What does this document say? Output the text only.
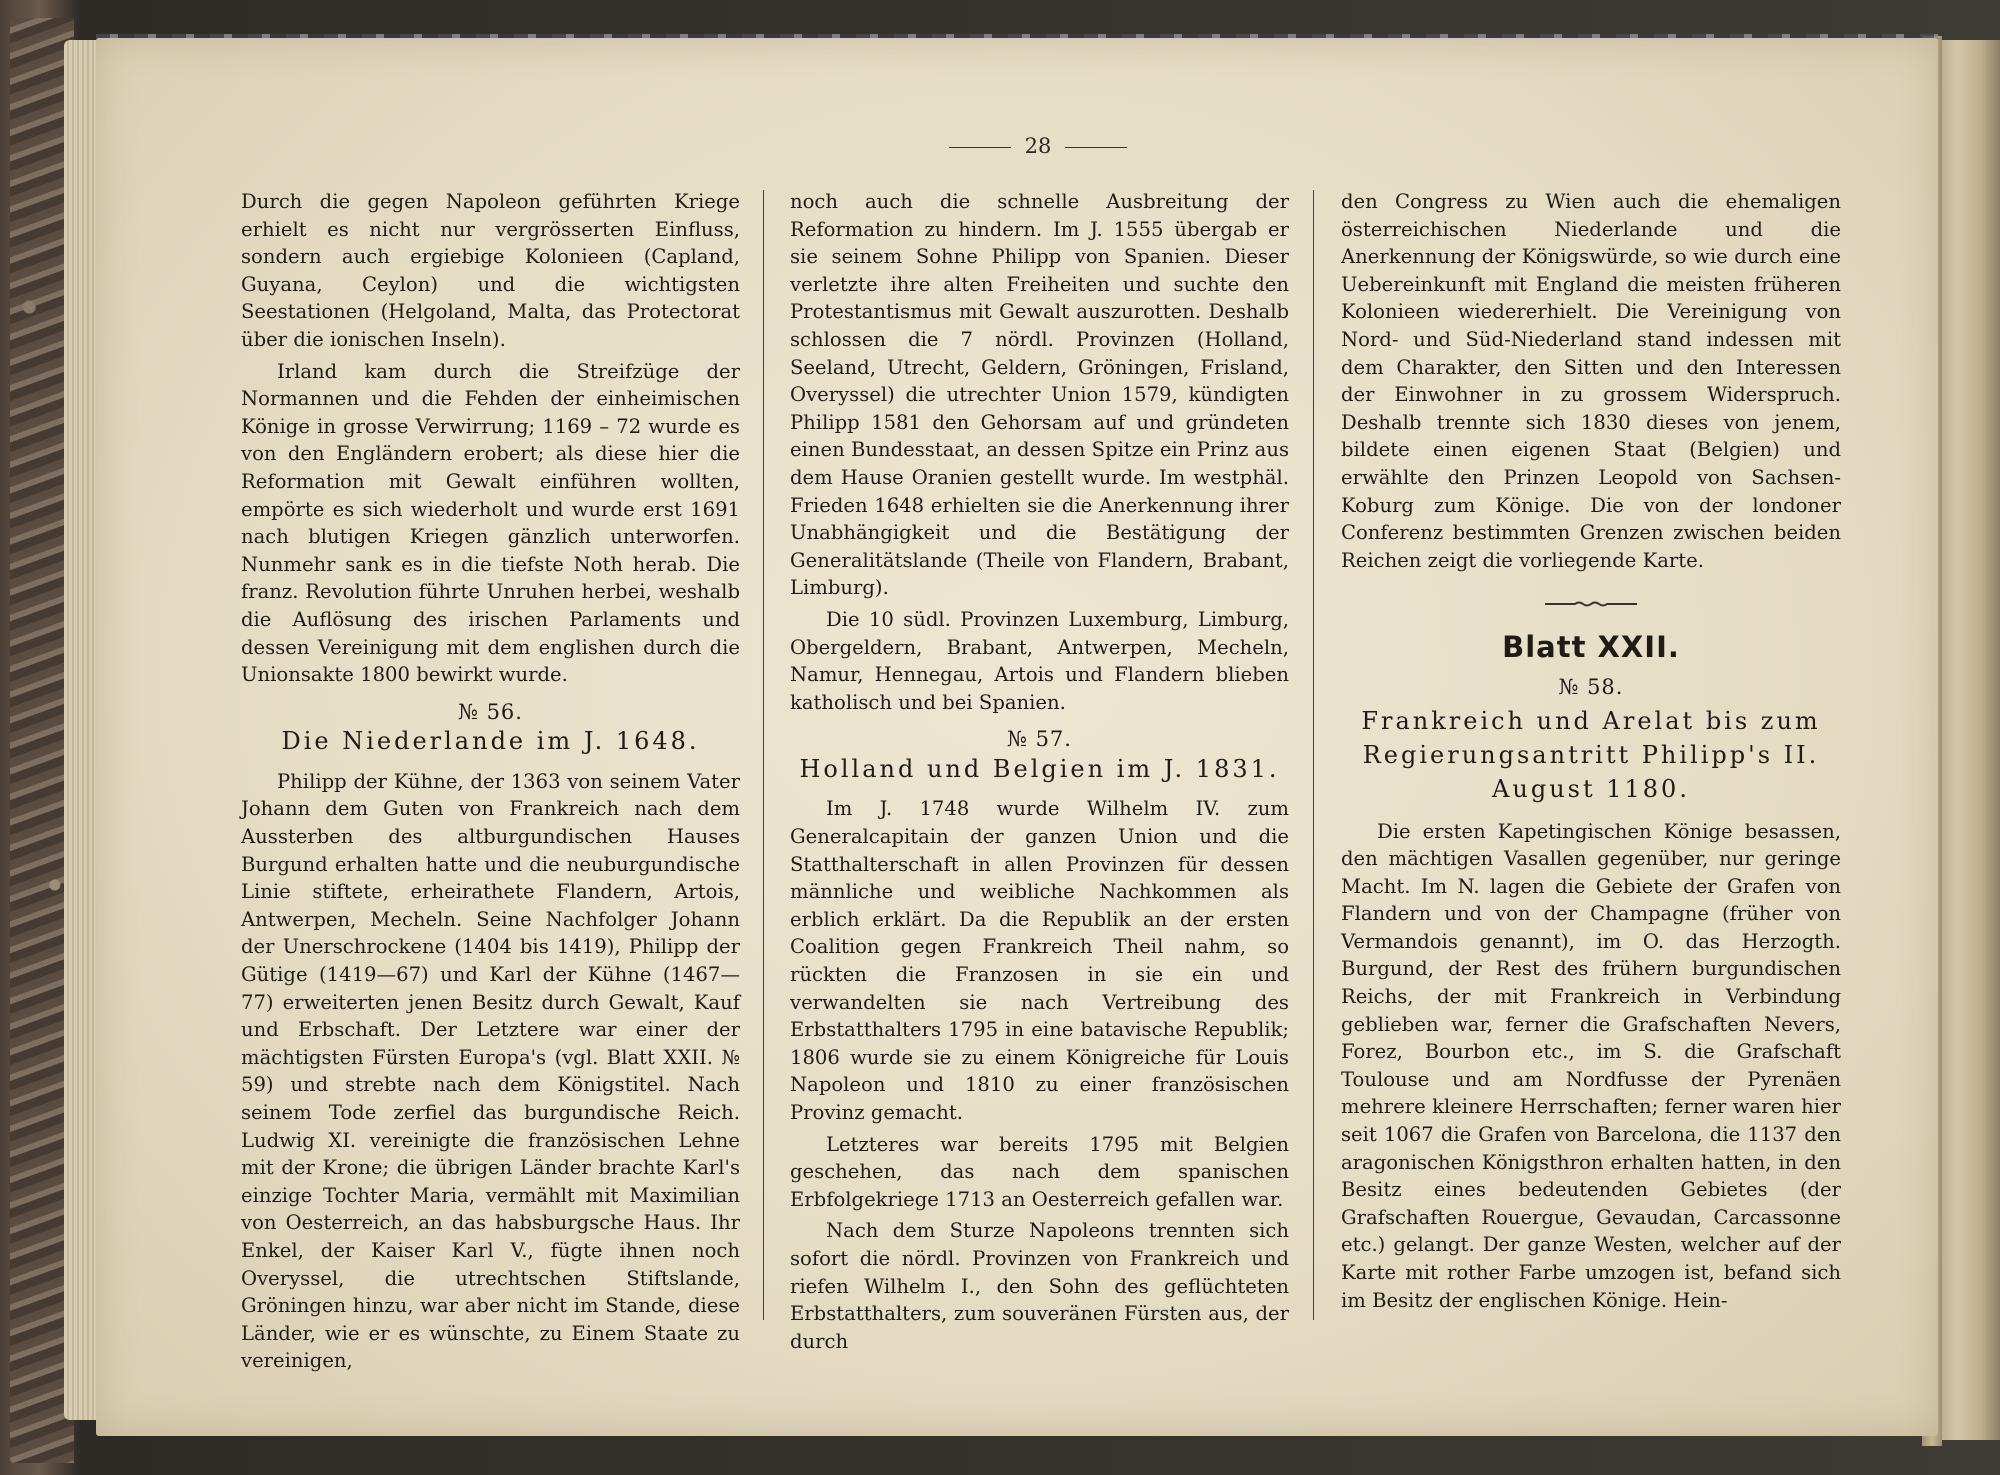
28

Durch die gegen Napoleon geführten Kriege erhielt es nicht nur vergrösserten Einfluss, sondern auch ergiebige Kolonieen (Capland, Guyana, Ceylon) und die wichtigsten Seestationen (Helgoland, Malta, das Protectorat über die ionischen Inseln).

Irland kam durch die Streifzüge der Normannen und die Fehden der einheimischen Könige in grosse Verwirrung; 1169 – 72 wurde es von den Engländern erobert; als diese hier die Reformation mit Gewalt einführen wollten, empörte es sich wiederholt und wurde erst 1691 nach blutigen Kriegen gänzlich unterworfen. Nunmehr sank es in die tiefste Noth herab. Die franz. Revolution führte Unruhen herbei, weshalb die Auflösung des irischen Parlaments und dessen Vereinigung mit dem englishen durch die Unionsakte 1800 bewirkt wurde.

№ 56.
Die Niederlande im J. 1648.

Philipp der Kühne, der 1363 von seinem Vater Johann dem Guten von Frankreich nach dem Aussterben des altburgundischen Hauses Burgund erhalten hatte und die neuburgundische Linie stiftete, erheirathete Flandern, Artois, Antwerpen, Mecheln. Seine Nachfolger Johann der Unerschrockene (1404 bis 1419), Philipp der Gütige (1419—67) und Karl der Kühne (1467—77) erweiterten jenen Besitz durch Gewalt, Kauf und Erbschaft. Der Letztere war einer der mächtigsten Fürsten Europa's (vgl. Blatt XXII. № 59) und strebte nach dem Königstitel. Nach seinem Tode zerfiel das burgundische Reich. Ludwig XI. vereinigte die französischen Lehne mit der Krone; die übrigen Länder brachte Karl's einzige Tochter Maria, vermählt mit Maximilian von Oesterreich, an das habsburgsche Haus. Ihr Enkel, der Kaiser Karl V., fügte ihnen noch Overyssel, die utrechtschen Stiftslande, Gröningen hinzu, war aber nicht im Stande, diese Länder, wie er es wünschte, zu Einem Staate zu vereinigen,

noch auch die schnelle Ausbreitung der Reformation zu hindern. Im J. 1555 übergab er sie seinem Sohne Philipp von Spanien. Dieser verletzte ihre alten Freiheiten und suchte den Protestantismus mit Gewalt auszurotten. Deshalb schlossen die 7 nördl. Provinzen (Holland, Seeland, Utrecht, Geldern, Gröningen, Frisland, Overyssel) die utrechter Union 1579, kündigten Philipp 1581 den Gehorsam auf und gründeten einen Bundesstaat, an dessen Spitze ein Prinz aus dem Hause Oranien gestellt wurde. Im westphäl. Frieden 1648 erhielten sie die Anerkennung ihrer Unabhängigkeit und die Bestätigung der Generalitätslande (Theile von Flandern, Brabant, Limburg).

Die 10 südl. Provinzen Luxemburg, Limburg, Obergeldern, Brabant, Antwerpen, Mecheln, Namur, Hennegau, Artois und Flandern blieben katholisch und bei Spanien.

№ 57.
Holland und Belgien im J. 1831.

Im J. 1748 wurde Wilhelm IV. zum Generalcapitain der ganzen Union und die Statthalterschaft in allen Provinzen für dessen männliche und weibliche Nachkommen als erblich erklärt. Da die Republik an der ersten Coalition gegen Frankreich Theil nahm, so rückten die Franzosen in sie ein und verwandelten sie nach Vertreibung des Erbstatthalters 1795 in eine batavische Republik; 1806 wurde sie zu einem Königreiche für Louis Napoleon und 1810 zu einer französischen Provinz gemacht.

Letzteres war bereits 1795 mit Belgien geschehen, das nach dem spanischen Erbfolgekriege 1713 an Oesterreich gefallen war.

Nach dem Sturze Napoleons trennten sich sofort die nördl. Provinzen von Frankreich und riefen Wilhelm I., den Sohn des geflüchteten Erbstatthalters, zum souveränen Fürsten aus, der durch

den Congress zu Wien auch die ehemaligen österreichischen Niederlande und die Anerkennung der Königswürde, so wie durch eine Uebereinkunft mit England die meisten früheren Kolonieen wiedererhielt. Die Vereinigung von Nord- und Süd-Niederland stand indessen mit dem Charakter, den Sitten und den Interessen der Einwohner in zu grossem Widerspruch. Deshalb trennte sich 1830 dieses von jenem, bildete einen eigenen Staat (Belgien) und erwählte den Prinzen Leopold von Sachsen-Koburg zum Könige. Die von der londoner Conferenz bestimmten Grenzen zwischen beiden Reichen zeigt die vorliegende Karte.

Blatt XXII.
№ 58.
Frankreich und Arelat bis zum Regierungsantritt Philipp's II. August 1180.

Die ersten Kapetingischen Könige besassen, den mächtigen Vasallen gegenüber, nur geringe Macht. Im N. lagen die Gebiete der Grafen von Flandern und von der Champagne (früher von Vermandois genannt), im O. das Herzogth. Burgund, der Rest des frühern burgundischen Reichs, der mit Frankreich in Verbindung geblieben war, ferner die Grafschaften Nevers, Forez, Bourbon etc., im S. die Grafschaft Toulouse und am Nordfusse der Pyrenäen mehrere kleinere Herrschaften; ferner waren hier seit 1067 die Grafen von Barcelona, die 1137 den aragonischen Königsthron erhalten hatten, in den Besitz eines bedeutenden Gebietes (der Grafschaften Rouergue, Gevaudan, Carcassonne etc.) gelangt. Der ganze Westen, welcher auf der Karte mit rother Farbe umzogen ist, befand sich im Besitz der englischen Könige. Hein-
